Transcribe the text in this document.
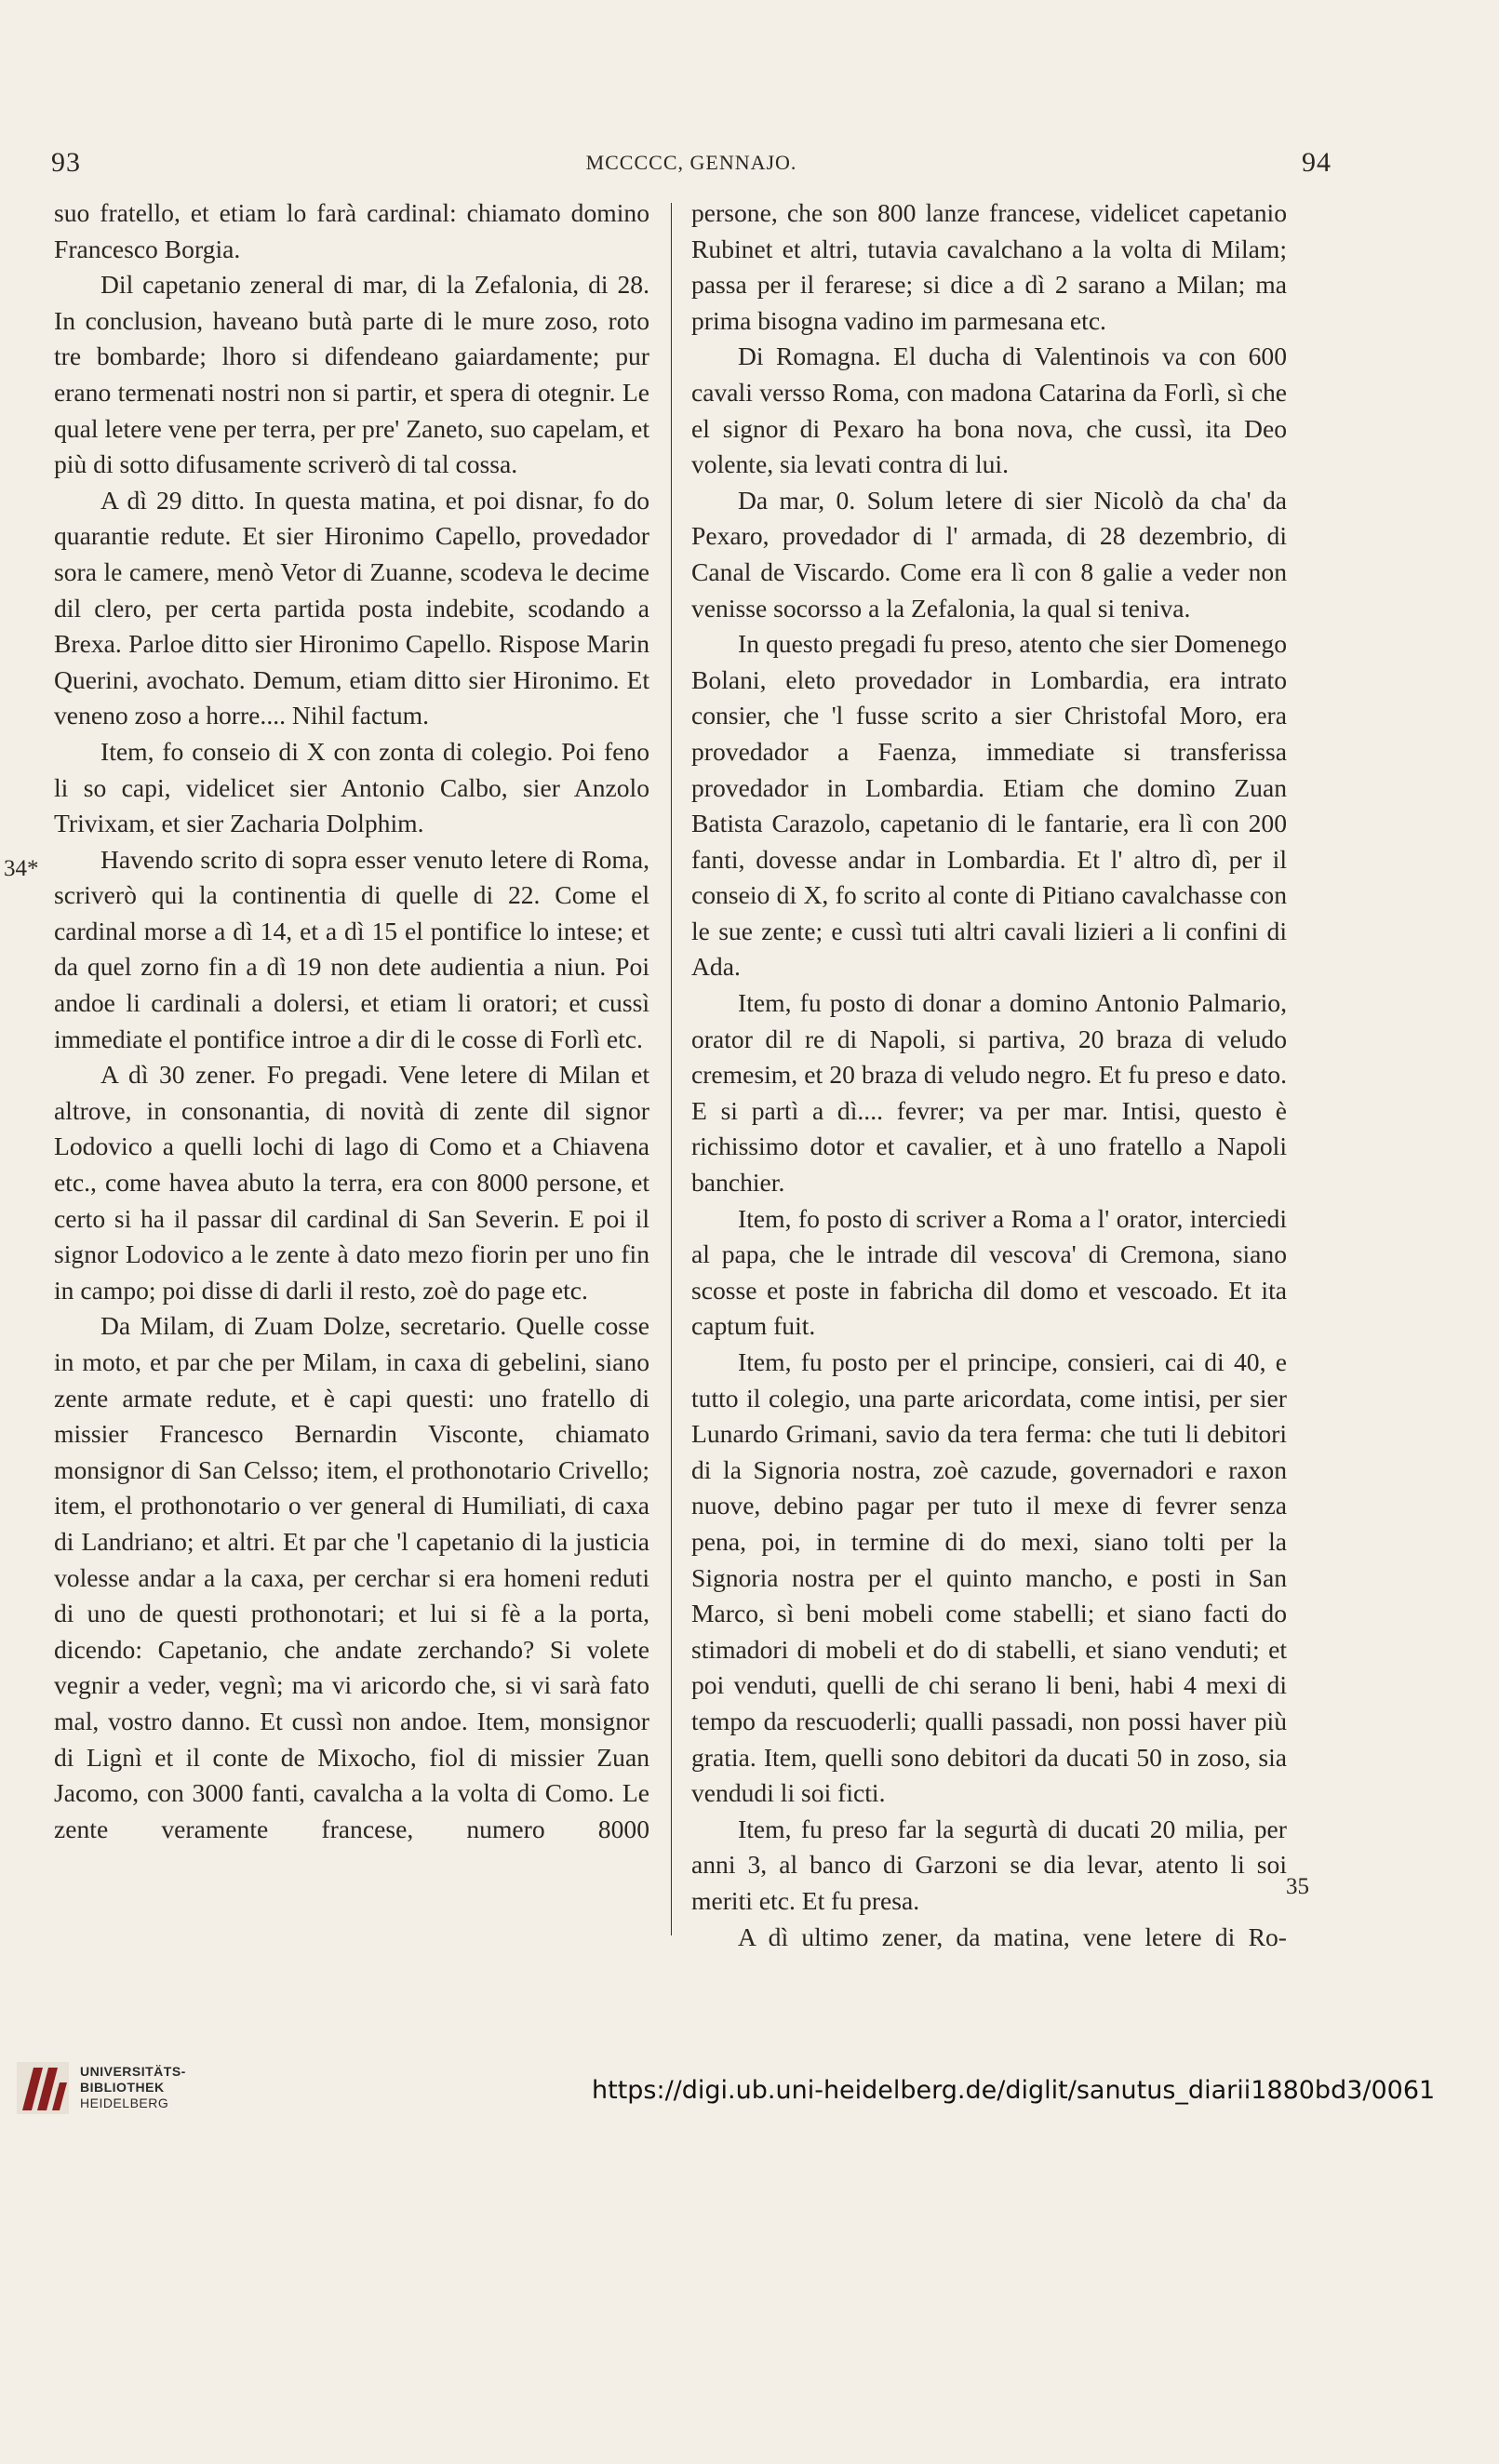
93	MCCCCC, GENNAJO.	94

suo fratello, et etiam lo farà cardinal: chiamato domino Francesco Borgia.

Dil capetanio zeneral di mar, di la Zefalonia, di 28. In conclusion, haveano butà parte di le mure zoso, roto tre bombarde; lhoro si difendeano gaiardamente; pur erano termenati nostri non si partir, et spera di otegnir. Le qual letere vene per terra, per pre' Zaneto, suo capelam, et più di sotto difusamente scriverò di tal cossa.

A dì 29 ditto. In questa matina, et poi disnar, fo do quarantie redute. Et sier Hironimo Capello, provedador sora le camere, menò Vetor di Zuanne, scodeva le decime dil clero, per certa partida posta indebite, scodando a Brexa. Parloe ditto sier Hironimo Capello. Rispose Marin Querini, avochato. Demum, etiam ditto sier Hironimo. Et veneno zoso a horre.... Nihil factum.

Item, fo conseio di X con zonta di colegio. Poi feno li so capi, videlicet sier Antonio Calbo, sier Anzolo Trivixam, et sier Zacharia Dolphim.

Havendo scrito di sopra esser venuto letere di Roma, scriverò qui la continentia di quelle di 22. Come el cardinal morse a dì 14, et a dì 15 el pontifice lo intese; et da quel zorno fin a dì 19 non dete audientia a niun. Poi andoe li cardinali a dolersi, et etiam li oratori; et cussì immediate el pontifice introe a dir di le cosse di Forlì etc.

A dì 30 zener. Fo pregadi. Vene letere di Milan et altrove, in consonantia, di novità di zente dil signor Lodovico a quelli lochi di lago di Como et a Chiavena etc., come havea abuto la terra, era con 8000 persone, et certo si ha il passar dil cardinal di San Severin. E poi il signor Lodovico a le zente à dato mezo fiorin per uno fin in campo; poi disse di darli il resto, zoè do page etc.

Da Milam, di Zuam Dolze, secretario. Quelle cosse in moto, et par che per Milam, in caxa di gebelini, siano zente armate redute, et è capi questi: uno fratello di missier Francesco Bernardin Visconte, chiamato monsignor di San Celsso; item, el prothonotario Crivello; item, el prothonotario o ver general di Humiliati, di caxa di Landriano; et altri. Et par che 'l capetanio di la justicia volesse andar a la caxa, per cerchar si era homeni reduti di uno de questi prothonotari; et lui si fè a la porta, dicendo: Capetanio, che andate zerchando? Si volete vegnir a veder, vegnì; ma vi aricordo che, si vi sarà fato mal, vostro danno. Et cussì non andoe. Item, monsignor di Lignì et il conte de Mixocho, fiol di missier Zuan Jacomo, con 3000 fanti, cavalcha a la volta di Como. Le zente veramente francese, numero 8000

persone, che son 800 lanze francese, videlicet capetanio Rubinet et altri, tutavia cavalchano a la volta di Milam; passa per il ferarese; si dice a dì 2 sarano a Milan; ma prima bisogna vadino im parmesana etc.

Di Romagna. El ducha di Valentinois va con 600 cavali versso Roma, con madona Catarina da Forlì, sì che el signor di Pexaro ha bona nova, che cussì, ita Deo volente, sia levati contra di lui.

Da mar, 0. Solum letere di sier Nicolò da cha' da Pexaro, provedador di l' armada, di 28 dezembrio, di Canal de Viscardo. Come era lì con 8 galie a veder non venisse socorsso a la Zefalonia, la qual si teniva.

In questo pregadi fu preso, atento che sier Domenego Bolani, eleto provedador in Lombardia, era intrato consier, che 'l fusse scrito a sier Christofal Moro, era provedador a Faenza, immediate si transferissa provedador in Lombardia. Etiam che domino Zuan Batista Carazolo, capetanio di le fantarie, era lì con 200 fanti, dovesse andar in Lombardia. Et l' altro dì, per il conseio di X, fo scrito al conte di Pitiano cavalchasse con le sue zente; e cussì tuti altri cavali lizieri a li confini di Ada.

Item, fu posto di donar a domino Antonio Palmario, orator dil re di Napoli, si partiva, 20 braza di veludo cremesim, et 20 braza di veludo negro. Et fu preso e dato. E si partì a dì.... fevrer; va per mar. Intisi, questo è richissimo dotor et cavalier, et à uno fratello a Napoli banchier.

Item, fo posto di scriver a Roma a l' orator, interciedi al papa, che le intrade dil vescova' di Cremona, siano scosse et poste in fabricha dil domo et vescoado. Et ita captum fuit.

Item, fu posto per el principe, consieri, cai di 40, e tutto il colegio, una parte aricordata, come intisi, per sier Lunardo Grimani, savio da tera ferma: che tuti li debitori di la Signoria nostra, zoè cazude, governadori e raxon nuove, debino pagar per tuto il mexe di fevrer senza pena, poi, in termine di do mexi, siano tolti per la Signoria nostra per el quinto mancho, e posti in San Marco, sì beni mobeli come stabelli; et siano facti do stimadori di mobeli et do di stabelli, et siano venduti; et poi venduti, quelli de chi serano li beni, habi 4 mexi di tempo da rescuoderli; qualli passadi, non possi haver più gratia. Item, quelli sono debitori da ducati 50 in zoso, sia vendudi li soi ficti.

Item, fu preso far la segurtà di ducati 20 milia, per anni 3, al banco di Garzoni se dia levar, atento li soi meriti etc. Et fu presa.

A dì ultimo zener, da matina, vene letere di Ro-

34*
35
UNIVERSITÄTS-
BIBLIOTHEK
HEIDELBERG	https://digi.ub.uni-heidelberg.de/diglit/sanutus_diarii1880bd3/0061
